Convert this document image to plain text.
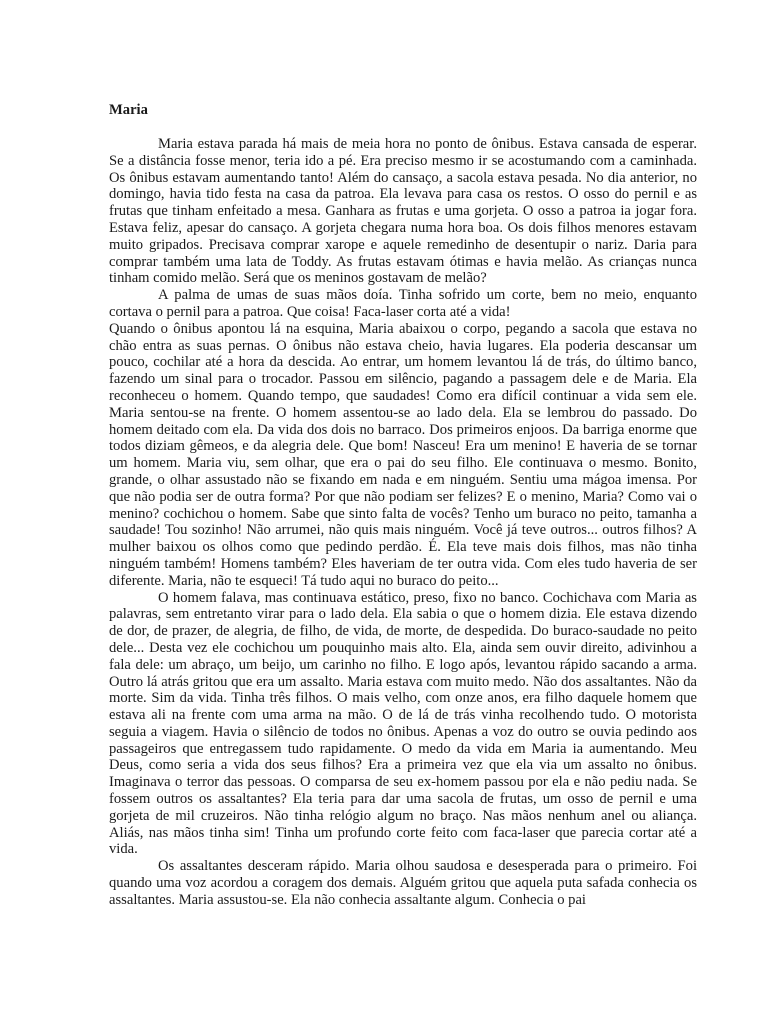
Maria

Maria estava parada há mais de meia hora no ponto de ônibus. Estava cansada de esperar. Se a distância fosse menor, teria ido a pé. Era preciso mesmo ir se acostumando com a caminhada. Os ônibus estavam aumentando tanto! Além do cansaço, a sacola estava pesada. No dia anterior, no domingo, havia tido festa na casa da patroa. Ela levava para casa os restos. O osso do pernil e as frutas que tinham enfeitado a mesa. Ganhara as frutas e uma gorjeta. O osso a patroa ia jogar fora. Estava feliz, apesar do cansaço. A gorjeta chegara numa hora boa. Os dois filhos menores estavam muito gripados. Precisava comprar xarope e aquele remedinho de desentupir o nariz. Daria para comprar também uma lata de Toddy. As frutas estavam ótimas e havia melão. As crianças nunca tinham comido melão. Será que os meninos gostavam de melão?

A palma de umas de suas mãos doía. Tinha sofrido um corte, bem no meio, enquanto cortava o pernil para a patroa. Que coisa! Faca-laser corta até a vida!

Quando o ônibus apontou lá na esquina, Maria abaixou o corpo, pegando a sacola que estava no chão entra as suas pernas. O ônibus não estava cheio, havia lugares. Ela poderia descansar um pouco, cochilar até a hora da descida. Ao entrar, um homem levantou lá de trás, do último banco, fazendo um sinal para o trocador. Passou em silêncio, pagando a passagem dele e de Maria. Ela reconheceu o homem. Quando tempo, que saudades! Como era difícil continuar a vida sem ele. Maria sentou-se na frente. O homem assentou-se ao lado dela. Ela se lembrou do passado. Do homem deitado com ela. Da vida dos dois no barraco. Dos primeiros enjoos. Da barriga enorme que todos diziam gêmeos, e da alegria dele. Que bom! Nasceu! Era um menino! E haveria de se tornar um homem. Maria viu, sem olhar, que era o pai do seu filho. Ele continuava o mesmo. Bonito, grande, o olhar assustado não se fixando em nada e em ninguém. Sentiu uma mágoa imensa. Por que não podia ser de outra forma? Por que não podiam ser felizes? E o menino, Maria? Como vai o menino? cochichou o homem. Sabe que sinto falta de vocês? Tenho um buraco no peito, tamanha a saudade! Tou sozinho! Não arrumei, não quis mais ninguém. Você já teve outros... outros filhos? A mulher baixou os olhos como que pedindo perdão. É. Ela teve mais dois filhos, mas não tinha ninguém também! Homens também? Eles haveriam de ter outra vida. Com eles tudo haveria de ser diferente. Maria, não te esqueci! Tá tudo aqui no buraco do peito...

O homem falava, mas continuava estático, preso, fixo no banco. Cochichava com Maria as palavras, sem entretanto virar para o lado dela. Ela sabia o que o homem dizia. Ele estava dizendo de dor, de prazer, de alegria, de filho, de vida, de morte, de despedida. Do buraco-saudade no peito dele... Desta vez ele cochichou um pouquinho mais alto. Ela, ainda sem ouvir direito, adivinhou a fala dele: um abraço, um beijo, um carinho no filho. E logo após, levantou rápido sacando a arma. Outro lá atrás gritou que era um assalto. Maria estava com muito medo. Não dos assaltantes. Não da morte. Sim da vida. Tinha três filhos. O mais velho, com onze anos, era filho daquele homem que estava ali na frente com uma arma na mão. O de lá de trás vinha recolhendo tudo. O motorista seguia a viagem. Havia o silêncio de todos no ônibus. Apenas a voz do outro se ouvia pedindo aos passageiros que entregassem tudo rapidamente. O medo da vida em Maria ia aumentando. Meu Deus, como seria a vida dos seus filhos? Era a primeira vez que ela via um assalto no ônibus. Imaginava o terror das pessoas. O comparsa de seu ex-homem passou por ela e não pediu nada. Se fossem outros os assaltantes? Ela teria para dar uma sacola de frutas, um osso de pernil e uma gorjeta de mil cruzeiros. Não tinha relógio algum no braço. Nas mãos nenhum anel ou aliança. Aliás, nas mãos tinha sim! Tinha um profundo corte feito com faca-laser que parecia cortar até a vida.

Os assaltantes desceram rápido. Maria olhou saudosa e desesperada para o primeiro. Foi quando uma voz acordou a coragem dos demais. Alguém gritou que aquela puta safada conhecia os assaltantes. Maria assustou-se. Ela não conhecia assaltante algum. Conhecia o pai
